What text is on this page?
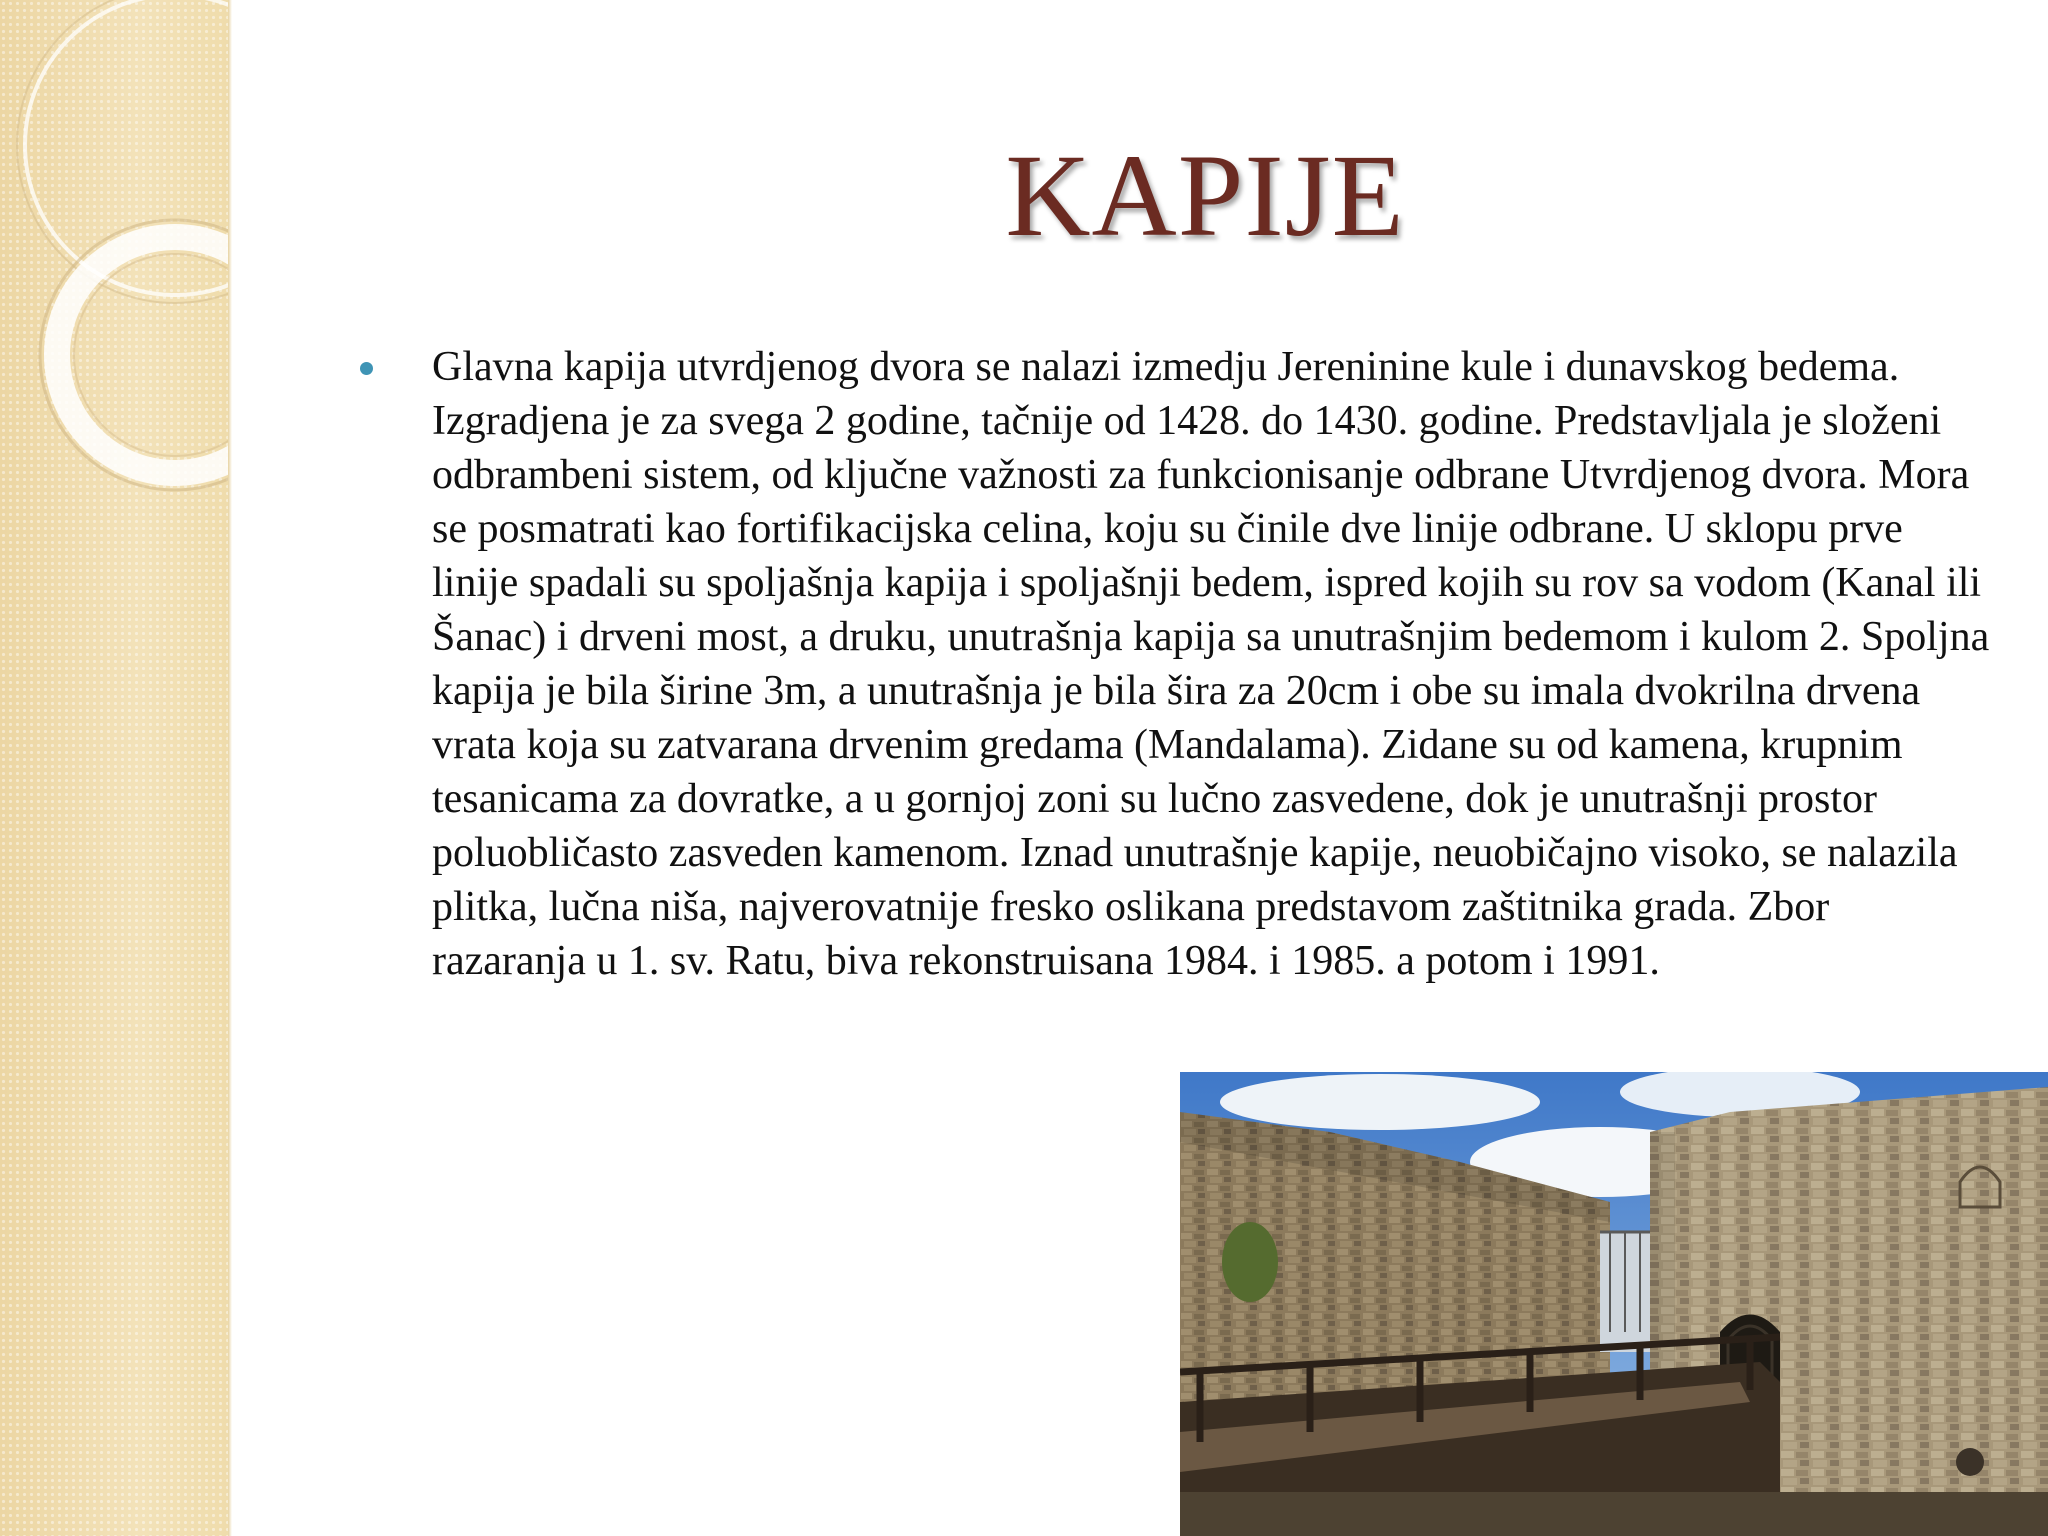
KAPIJE
Glavna kapija utvrdjenog dvora se nalazi izmedju Jereninine kule i dunavskog bedema. Izgradjena je za svega 2 godine, tačnije od 1428. do 1430. godine. Predstavljala je složeni odbrambeni sistem, od ključne važnosti za funkcionisanje odbrane Utvrdjenog dvora. Mora se posmatrati kao fortifikacijska celina, koju su činile dve linije odbrane. U sklopu prve linije spadali su spoljašnja kapija i spoljašnji bedem, ispred kojih su rov sa vodom (Kanal ili Šanac) i drveni most, a druku, unutrašnja kapija sa unutrašnjim bedemom i kulom 2. Spoljna kapija je bila širine 3m, a unutrašnja je bila šira za 20cm i obe su imala dvokrilna drvena vrata koja su zatvarana drvenim gredama (Mandalama). Zidane su od kamena, krupnim tesanicama za dovratke, a u gornjoj zoni su lučno zasvedene, dok je unutrašnji prostor poluobličasto zasveden kamenom. Iznad unutrašnje kapije, neuobičajno visoko, se nalazila plitka, lučna niša, najverovatnije fresko oslikana predstavom zaštitnika grada. Zbor razaranja u 1. sv. Ratu, biva rekonstruisana 1984. i 1985. a potom i 1991.
